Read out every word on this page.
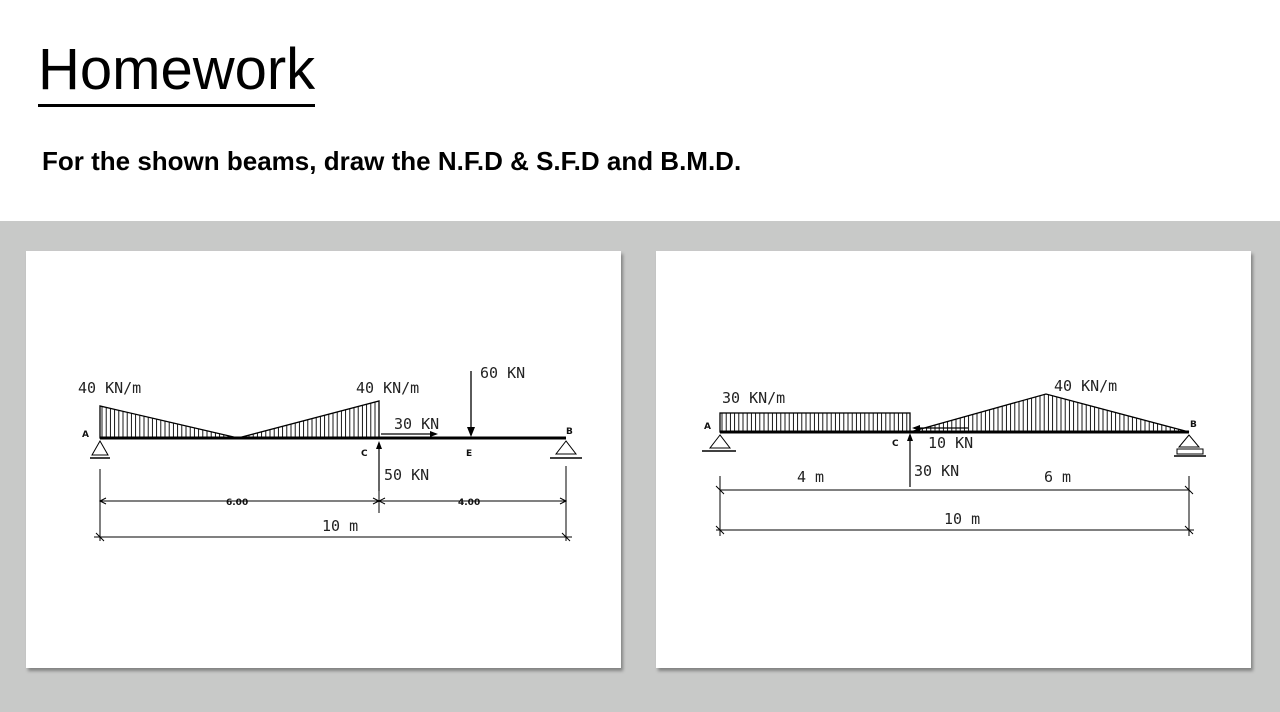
Homework
For the shown beams, draw the N.F.D & S.F.D and B.M.D.
40 KN/m	40 KN/m
60 KN
30 KN
50 KN
A	B
C	E
6.00	4.00
10 m
30 KN/m
40 KN/m
A	B
C 10 KN
30 KN
4 m	6 m
10 m
